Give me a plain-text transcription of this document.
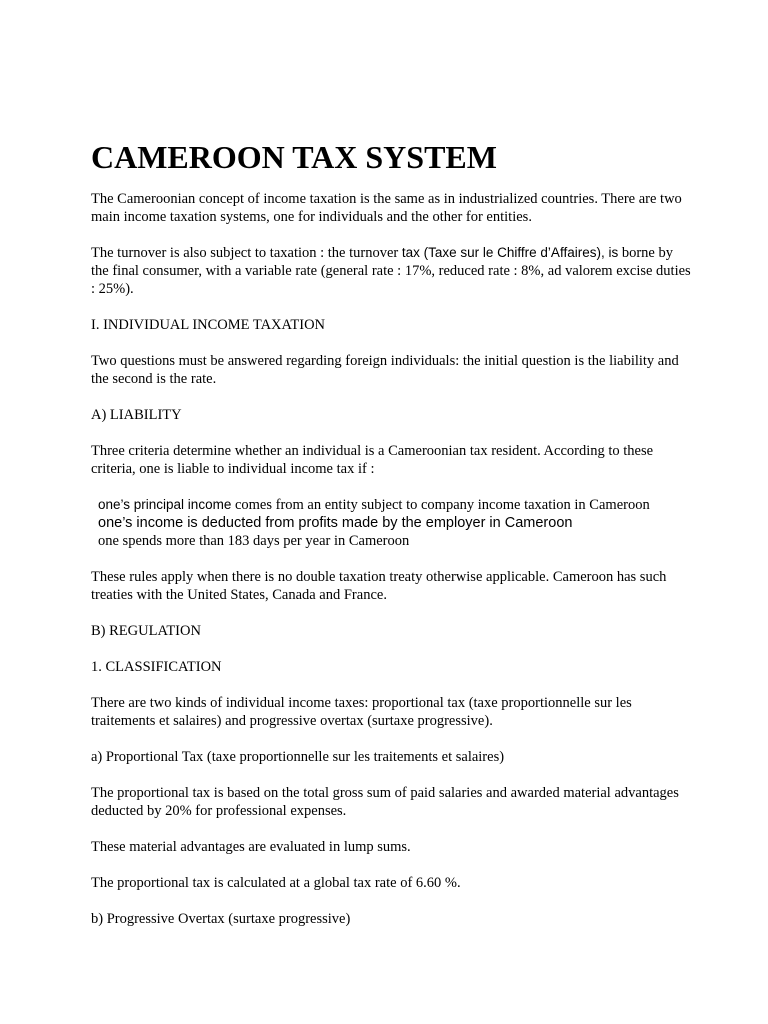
CAMEROON TAX SYSTEM

The Cameroonian concept of income taxation is the same as in industrialized countries. There are two main income taxation systems, one for individuals and the other for entities.

The turnover is also subject to taxation : the turnover tax (Taxe sur le Chiffre d’Affaires), is borne by the final consumer, with a variable rate (general rate : 17%, reduced rate : 8%, ad valorem excise duties : 25%).

I. INDIVIDUAL INCOME TAXATION

Two questions must be answered regarding foreign individuals: the initial question is the liability and the second is the rate.

A) LIABILITY

Three criteria determine whether an individual is a Cameroonian tax resident. According to these criteria, one is liable to individual income tax if :

one’s principal income comes from an entity subject to company income taxation in Cameroon
one’s income is deducted from profits made by the employer in Cameroon
one spends more than 183 days per year in Cameroon

These rules apply when there is no double taxation treaty otherwise applicable. Cameroon has such treaties with the United States, Canada and France.

B) REGULATION

1. CLASSIFICATION

There are two kinds of individual income taxes: proportional tax (taxe proportionnelle sur les traitements et salaires) and progressive overtax (surtaxe progressive).

a) Proportional Tax (taxe proportionnelle sur les traitements et salaires)

The proportional tax is based on the total gross sum of paid salaries and awarded material advantages deducted by 20% for professional expenses.

These material advantages are evaluated in lump sums.

The proportional tax is calculated at a global tax rate of 6.60 %.

b) Progressive Overtax (surtaxe progressive)
